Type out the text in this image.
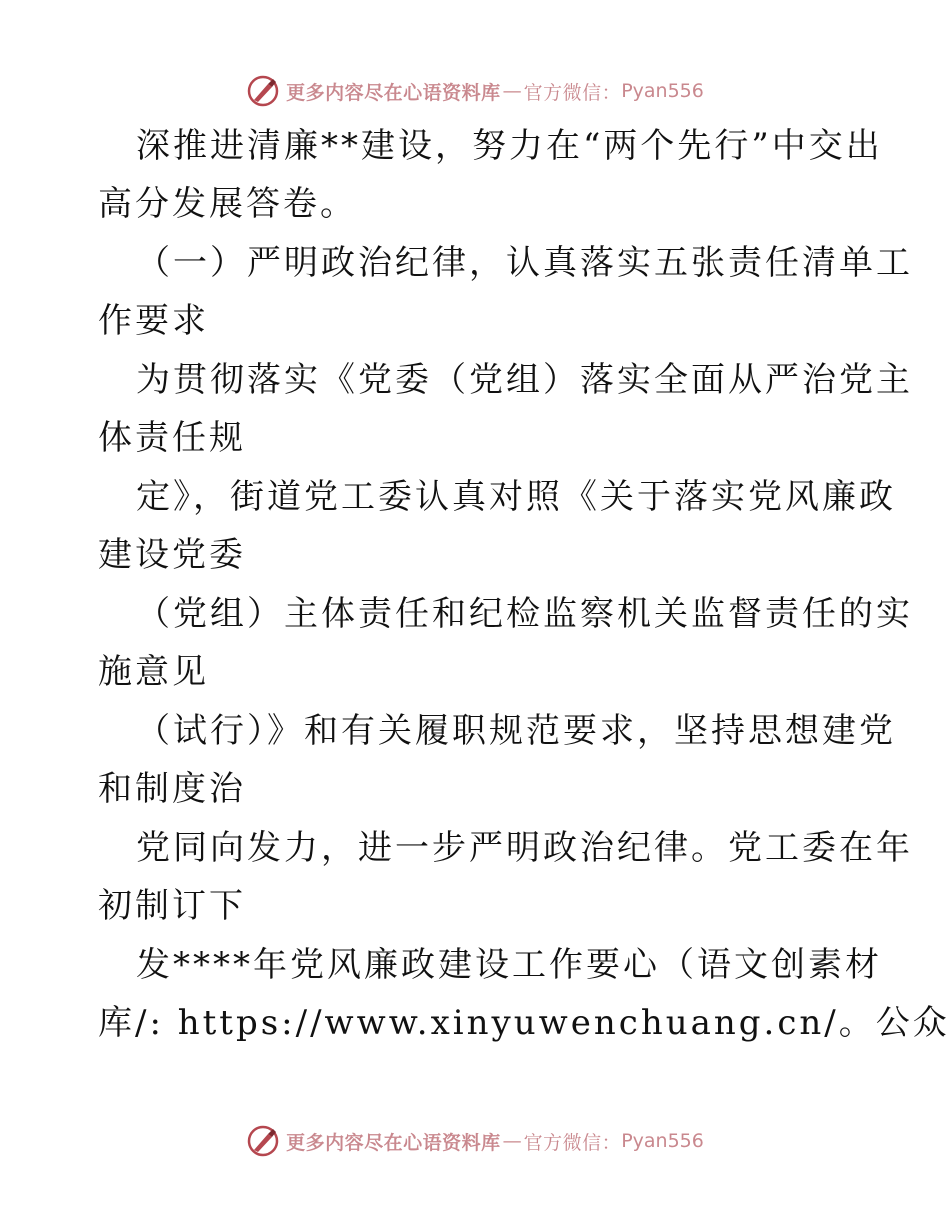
更多内容尽在心语资料库 — 官方微信： Pyan556
深推进清廉**建设，努力在“两个先行”中交出
高分发展答卷。
（一）严明政治纪律，认真落实五张责任清单工
作要求
为贯彻落实《党委（党组）落实全面从严治党主
体责任规
定》，街道党工委认真对照《关于落实党风廉政
建设党委
（党组）主体责任和纪检监察机关监督责任的实
施意见
（试行）》和有关履职规范要求，坚持思想建党
和制度治
党同向发力，进一步严明政治纪律。党工委在年
初制订下
发****年党风廉政建设工作要心（语文创素材
库/: https://www.xinyuwenchuang.cn/。公众
更多内容尽在心语资料库 — 官方微信： Pyan556
